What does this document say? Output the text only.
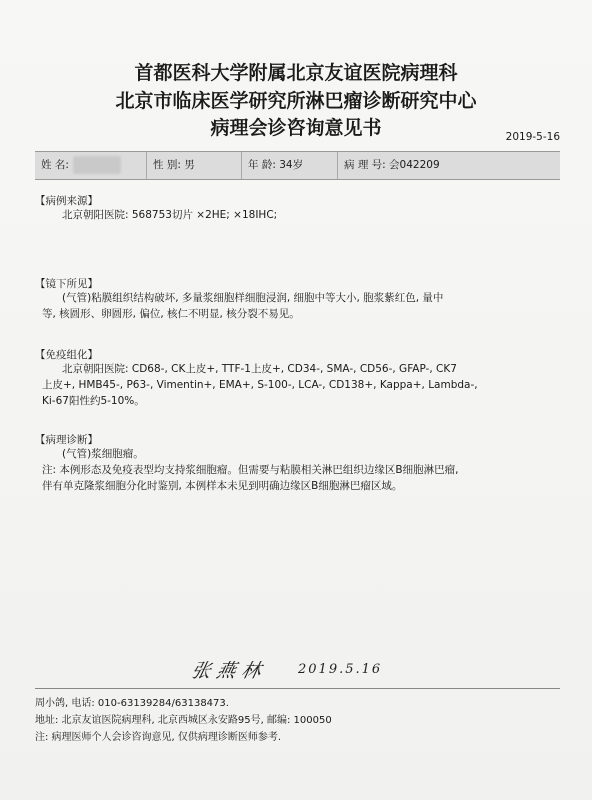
首都医科大学附属北京友谊医院病理科
北京市临床医学研究所淋巴瘤诊断研究中心
病理会诊咨询意见书	2019-5-16
姓 名:	性 别: 男	年 龄: 34岁	病 理 号: 会042209
【病例来源】
北京朝阳医院: 568753切片 ×2HE; ×18IHC;
【镜下所见】
(气管)粘膜组织结构破坏, 多量浆细胞样细胞浸润, 细胞中等大小, 胞浆紫红色, 量中
等, 核圆形、卵圆形, 偏位, 核仁不明显, 核分裂不易见。
【免疫组化】
北京朝阳医院: CD68-, CK上皮+, TTF-1上皮+, CD34-, SMA-, CD56-, GFAP-, CK7
上皮+, HMB45-, P63-, Vimentin+, EMA+, S-100-, LCA-, CD138+, Kappa+, Lambda-,
Ki-67阳性约5-10%。
【病理诊断】
(气管)浆细胞瘤。
注: 本例形态及免疫表型均支持浆细胞瘤。但需要与粘膜相关淋巴组织边缘区B细胞淋巴瘤,
伴有单克隆浆细胞分化时鉴别, 本例样本未见到明确边缘区B细胞淋巴瘤区域。
张燕林 2019.5.16
周小鸽, 电话: 010-63139284/63138473.
地址: 北京友谊医院病理科, 北京西城区永安路95号, 邮编: 100050
注: 病理医师个人会诊咨询意见, 仅供病理诊断医师参考.
